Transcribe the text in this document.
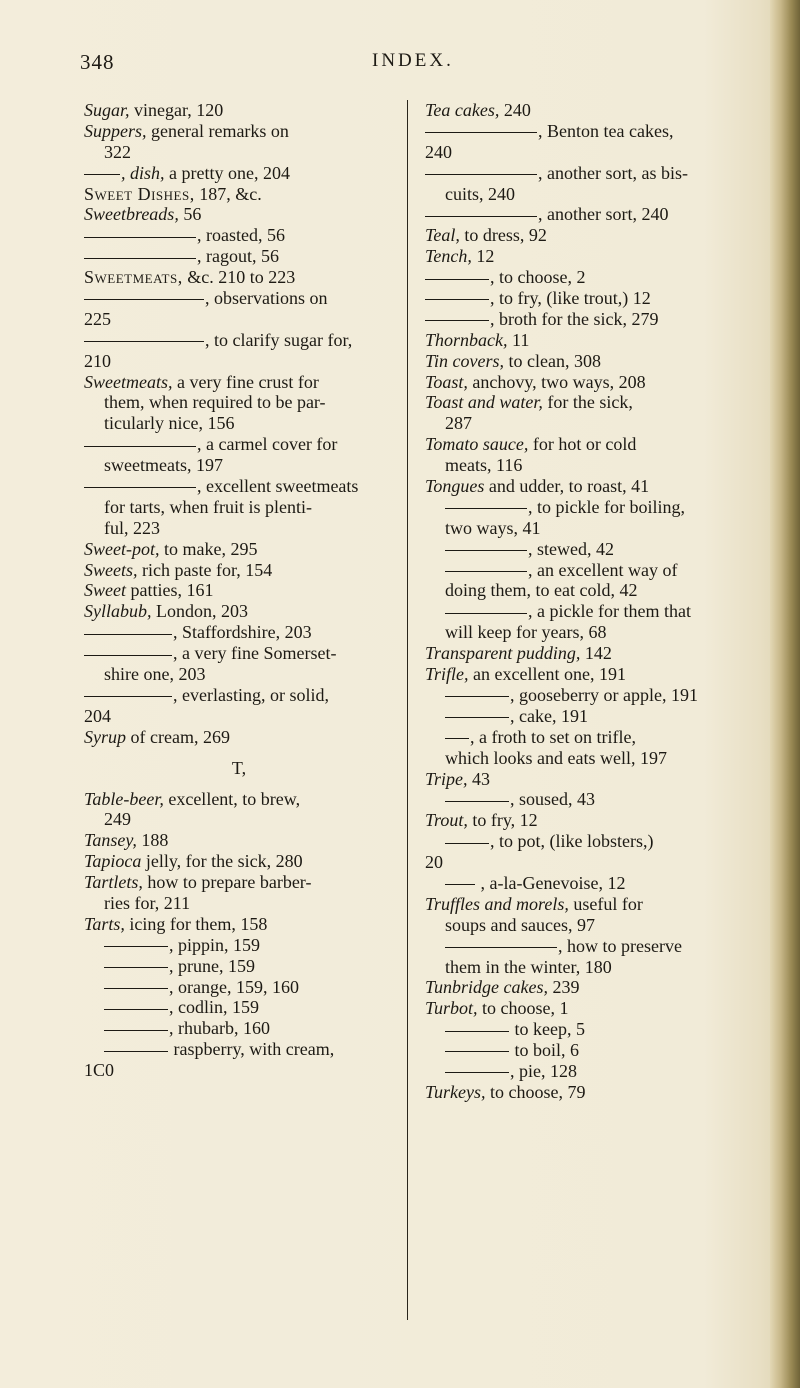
348	INDEX.
Sugar, vinegar, 120
Suppers, general remarks on
322
, dish, a pretty one, 204
Sweet Dishes, 187, &c.
Sweetbreads, 56
, roasted, 56
, ragout, 56
Sweetmeats, &c. 210 to 223
, observations on
225
, to clarify sugar for,
210
Sweetmeats, a very fine crust for
them, when required to be par-
ticularly nice, 156
, a carmel cover for
sweetmeats, 197
, excellent sweetmeats
for tarts, when fruit is plenti-
ful, 223
Sweet-pot, to make, 295
Sweets, rich paste for, 154
Sweet patties, 161
Syllabub, London, 203
, Staffordshire, 203
, a very fine Somerset-
shire one, 203
, everlasting, or solid,
204
Syrup of cream, 269
T,
Table-beer, excellent, to brew,
249
Tansey, 188
Tapioca jelly, for the sick, 280
Tartlets, how to prepare barber-
ries for, 211
Tarts, icing for them, 158
, pippin, 159
, prune, 159
, orange, 159, 160
, codlin, 159
, rhubarb, 160
raspberry, with cream,
1C0
Tea cakes, 240
, Benton tea cakes,
240
, another sort, as bis-
cuits, 240
, another sort, 240
Teal, to dress, 92
Tench, 12
, to choose, 2
, to fry, (like trout,) 12
, broth for the sick, 279
Thornback, 11
Tin covers, to clean, 308
Toast, anchovy, two ways, 208
Toast and water, for the sick,
287
Tomato sauce, for hot or cold
meats, 116
Tongues and udder, to roast, 41
, to pickle for boiling,
two ways, 41
, stewed, 42
, an excellent way of
doing them, to eat cold, 42
, a pickle for them that
will keep for years, 68
Transparent pudding, 142
Trifle, an excellent one, 191
, gooseberry or apple, 191
, cake, 191
, a froth to set on trifle,
which looks and eats well, 197
Tripe, 43
, soused, 43
Trout, to fry, 12
, to pot, (like lobsters,)
20
, a-la-Genevoise, 12
Truffles and morels, useful for
soups and sauces, 97
, how to preserve
them in the winter, 180
Tunbridge cakes, 239
Turbot, to choose, 1
to keep, 5
to boil, 6
, pie, 128
Turkeys, to choose, 79
